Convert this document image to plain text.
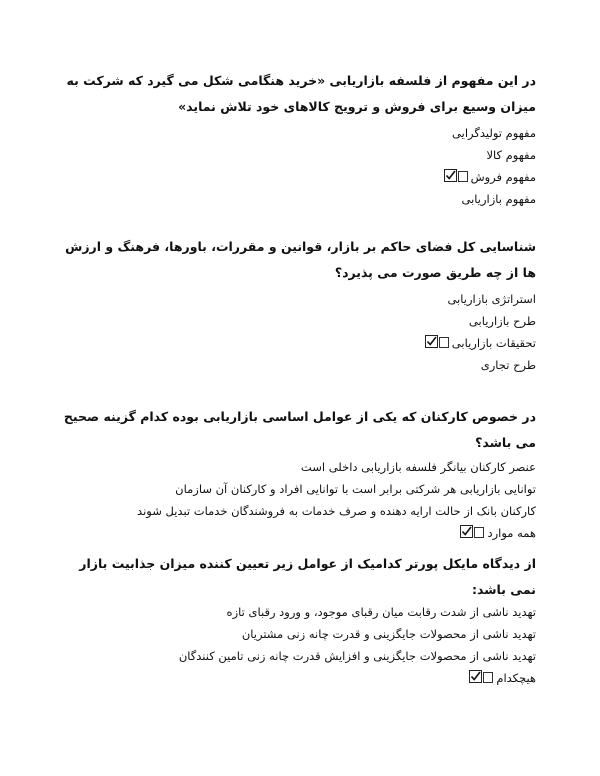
در این مفهوم از فلسفه بازاریابی «خرید هنگامی شکل می گیرد که شرکت به میزان وسیع برای فروش و ترویج کالاهای خود تلاش نماید»

مفهوم تولیدگرایی
مفهوم کالا
مفهوم فروش
مفهوم بازاریابی

شناسایی کل فضای حاکم بر بازار، قوانین و مقررات، باورها، فرهنگ و ارزش ها از چه طریق صورت می پذیرد؟

استراتژی بازاریابی
طرح بازاریابی
تحقیقات بازاریابی
طرح تجاری

در خصوص کارکنان که یکی از عوامل اساسی بازاریابی بوده کدام گزینه صحیح می باشد؟

عنصر کارکنان بیانگر فلسفه بازاریابی داخلی است
توانایی بازاریابی هر شرکتی برابر است با توانایی افراد و کارکنان آن سازمان
کارکنان بانک از حالت ارایه دهنده و صرف خدمات به فروشندگان خدمات تبدیل شوند
همه موارد

از دیدگاه مایکل پورتر کدامیک از عوامل زیر تعیین کننده میزان جذابیت بازار نمی باشد:

تهدید ناشی از شدت رقابت میان رقبای موجود، و ورود رقبای تازه
تهدید ناشی از محصولات جایگزینی و قدرت چانه زنی مشتریان
تهدید ناشی از محصولات جایگزینی و افزایش قدرت چانه زنی تامین کنندگان
هیچکدام
